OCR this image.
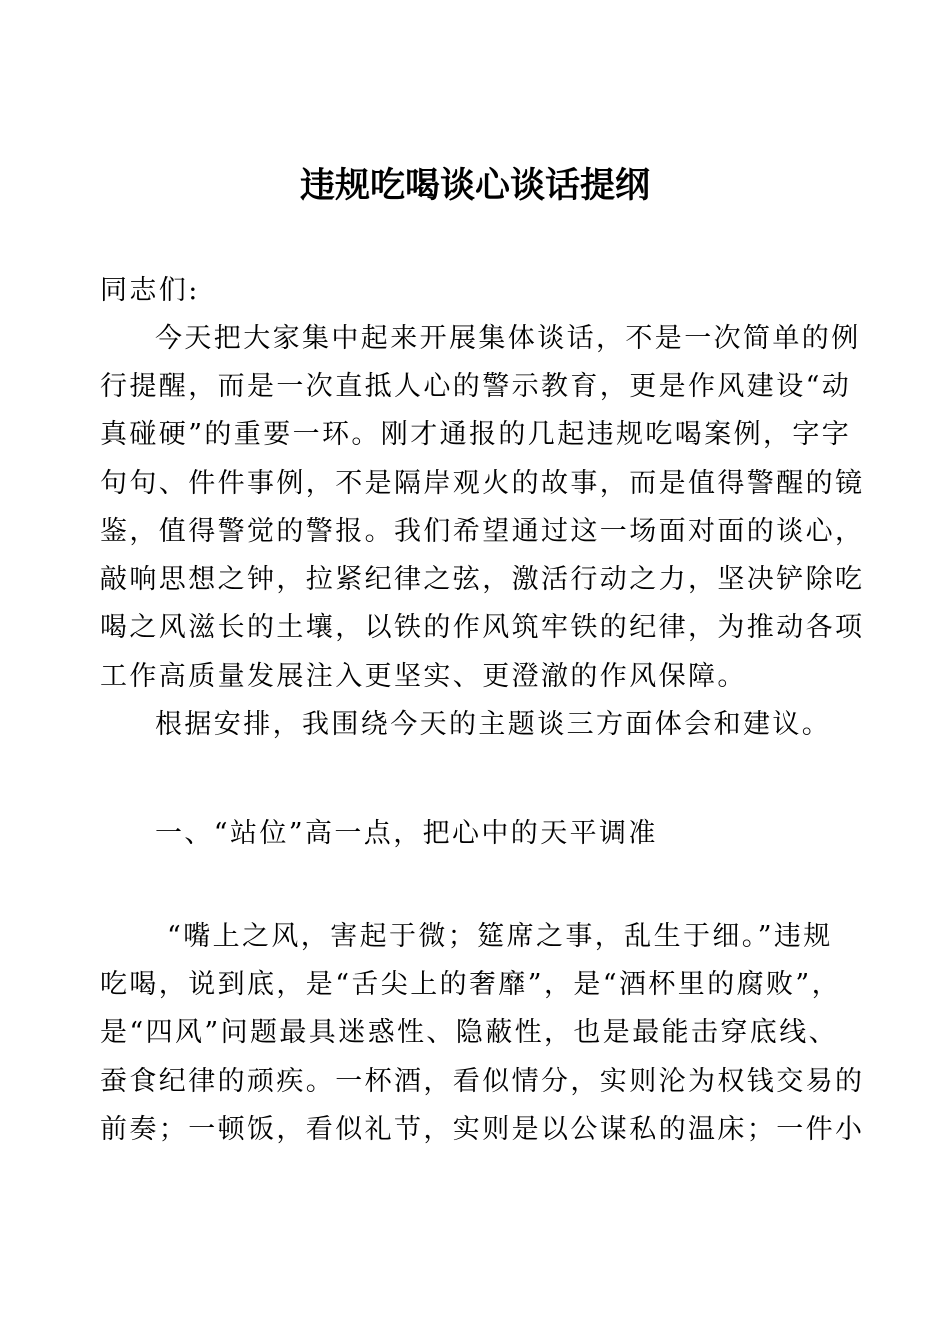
违规吃喝谈心谈话提纲
同志们:
今天把大家集中起来开展集体谈话，不是一次简单的例
行提醒，而是一次直抵人心的警示教育，更是作风建设“动
真碰硬”的重要一环。刚才通报的几起违规吃喝案例，字字
句句、件件事例，不是隔岸观火的故事，而是值得警醒的镜
鉴，值得警觉的警报。我们希望通过这一场面对面的谈心，
敲响思想之钟，拉紧纪律之弦，激活行动之力，坚决铲除吃
喝之风滋长的土壤，以铁的作风筑牢铁的纪律，为推动各项
工作高质量发展注入更坚实、更澄澈的作风保障。
根据安排，我围绕今天的主题谈三方面体会和建议。
一、“站位”高一点，把心中的天平调准
“嘴上之风，害起于微；筵席之事，乱生于细。”违规
吃喝，说到底，是“舌尖上的奢靡”，是“酒杯里的腐败”，
是“四风”问题最具迷惑性、隐蔽性，也是最能击穿底线、
蚕食纪律的顽疾。一杯酒，看似情分，实则沦为权钱交易的
前奏；一顿饭，看似礼节，实则是以公谋私的温床；一件小
